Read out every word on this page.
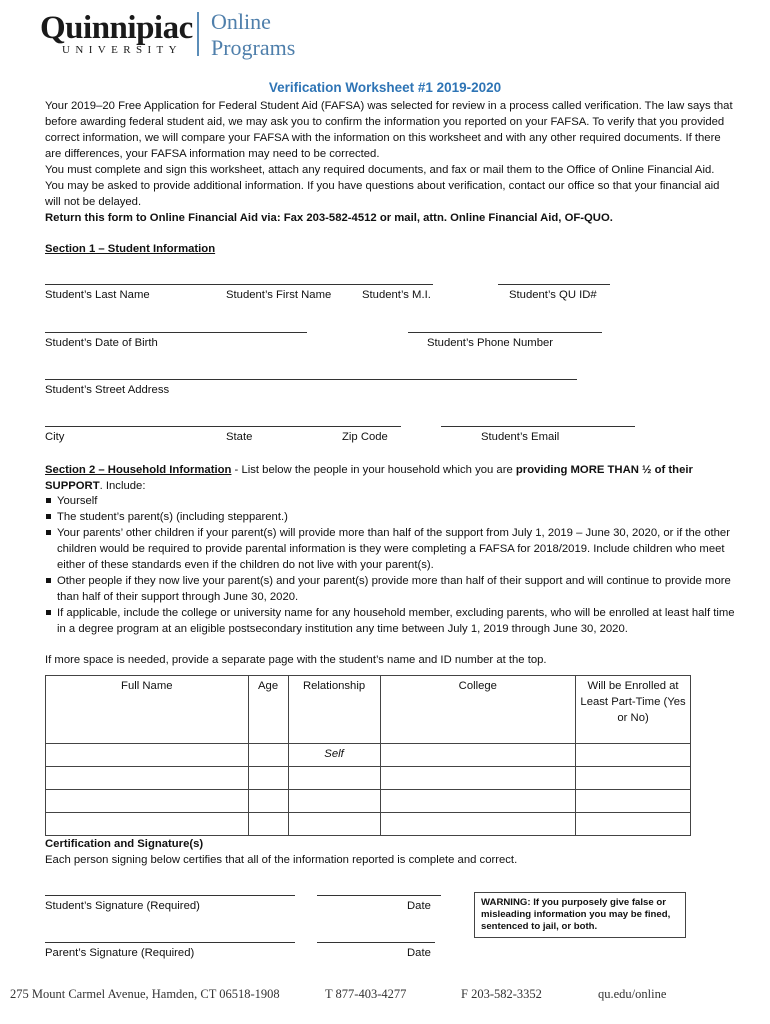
Quinnipiac
UNIVERSITY
Online
Programs
Verification Worksheet #1 2019-2020
Your 2019–20 Free Application for Federal Student Aid (FAFSA) was selected for review in a process called verification. The law says that before awarding federal student aid, we may ask you to confirm the information you reported on your FAFSA. To verify that you provided correct information, we will compare your FAFSA with the information on this worksheet and with any other required documents. If there are differences, your FAFSA information may need to be corrected.
You must complete and sign this worksheet, attach any required documents, and fax or mail them to the Office of Online Financial Aid. You may be asked to provide additional information. If you have questions about verification, contact our office so that your financial aid will not be delayed.
Return this form to Online Financial Aid via: Fax 203-582-4512 or mail, attn. Online Financial Aid, OF-QUO.
Section 1 – Student Information
Student’s Last Name	Student’s First Name	Student’s M.I.	Student’s QU ID#
Student’s Date of Birth	Student’s Phone Number
Student’s Street Address
City	State	Zip Code	Student’s Email
Section 2 – Household Information - List below the people in your household which you are providing MORE THAN ½ of their SUPPORT. Include:
Yourself
The student’s parent(s) (including stepparent.)
Your parents’ other children if your parent(s) will provide more than half of the support from July 1, 2019 – June 30, 2020, or if the other children would be required to provide parental information is they were completing a FAFSA for 2018/2019. Include children who meet either of these standards even if the children do not live with your parent(s).
Other people if they now live your parent(s) and your parent(s) provide more than half of their support and will continue to provide more than half of their support through June 30, 2020.
If applicable, include the college or university name for any household member, excluding parents, who will be enrolled at least half time in a degree program at an eligible postsecondary institution any time between July 1, 2019 through June 30, 2020.
If more space is needed, provide a separate page with the student’s name and ID number at the top.
Full Name	Age	Relationship	College	Will be Enrolled at Least Part-Time (Yes or No)
		Self		

Certification and Signature(s)
Each person signing below certifies that all of the information reported is complete and correct.
Student’s Signature (Required)	Date
Parent’s Signature (Required)	Date
WARNING: If you purposely give false or misleading information you may be fined, sentenced to jail, or both.
275 Mount Carmel Avenue, Hamden, CT 06518-1908	T 877-403-4277	F 203-582-3352	qu.edu/online
